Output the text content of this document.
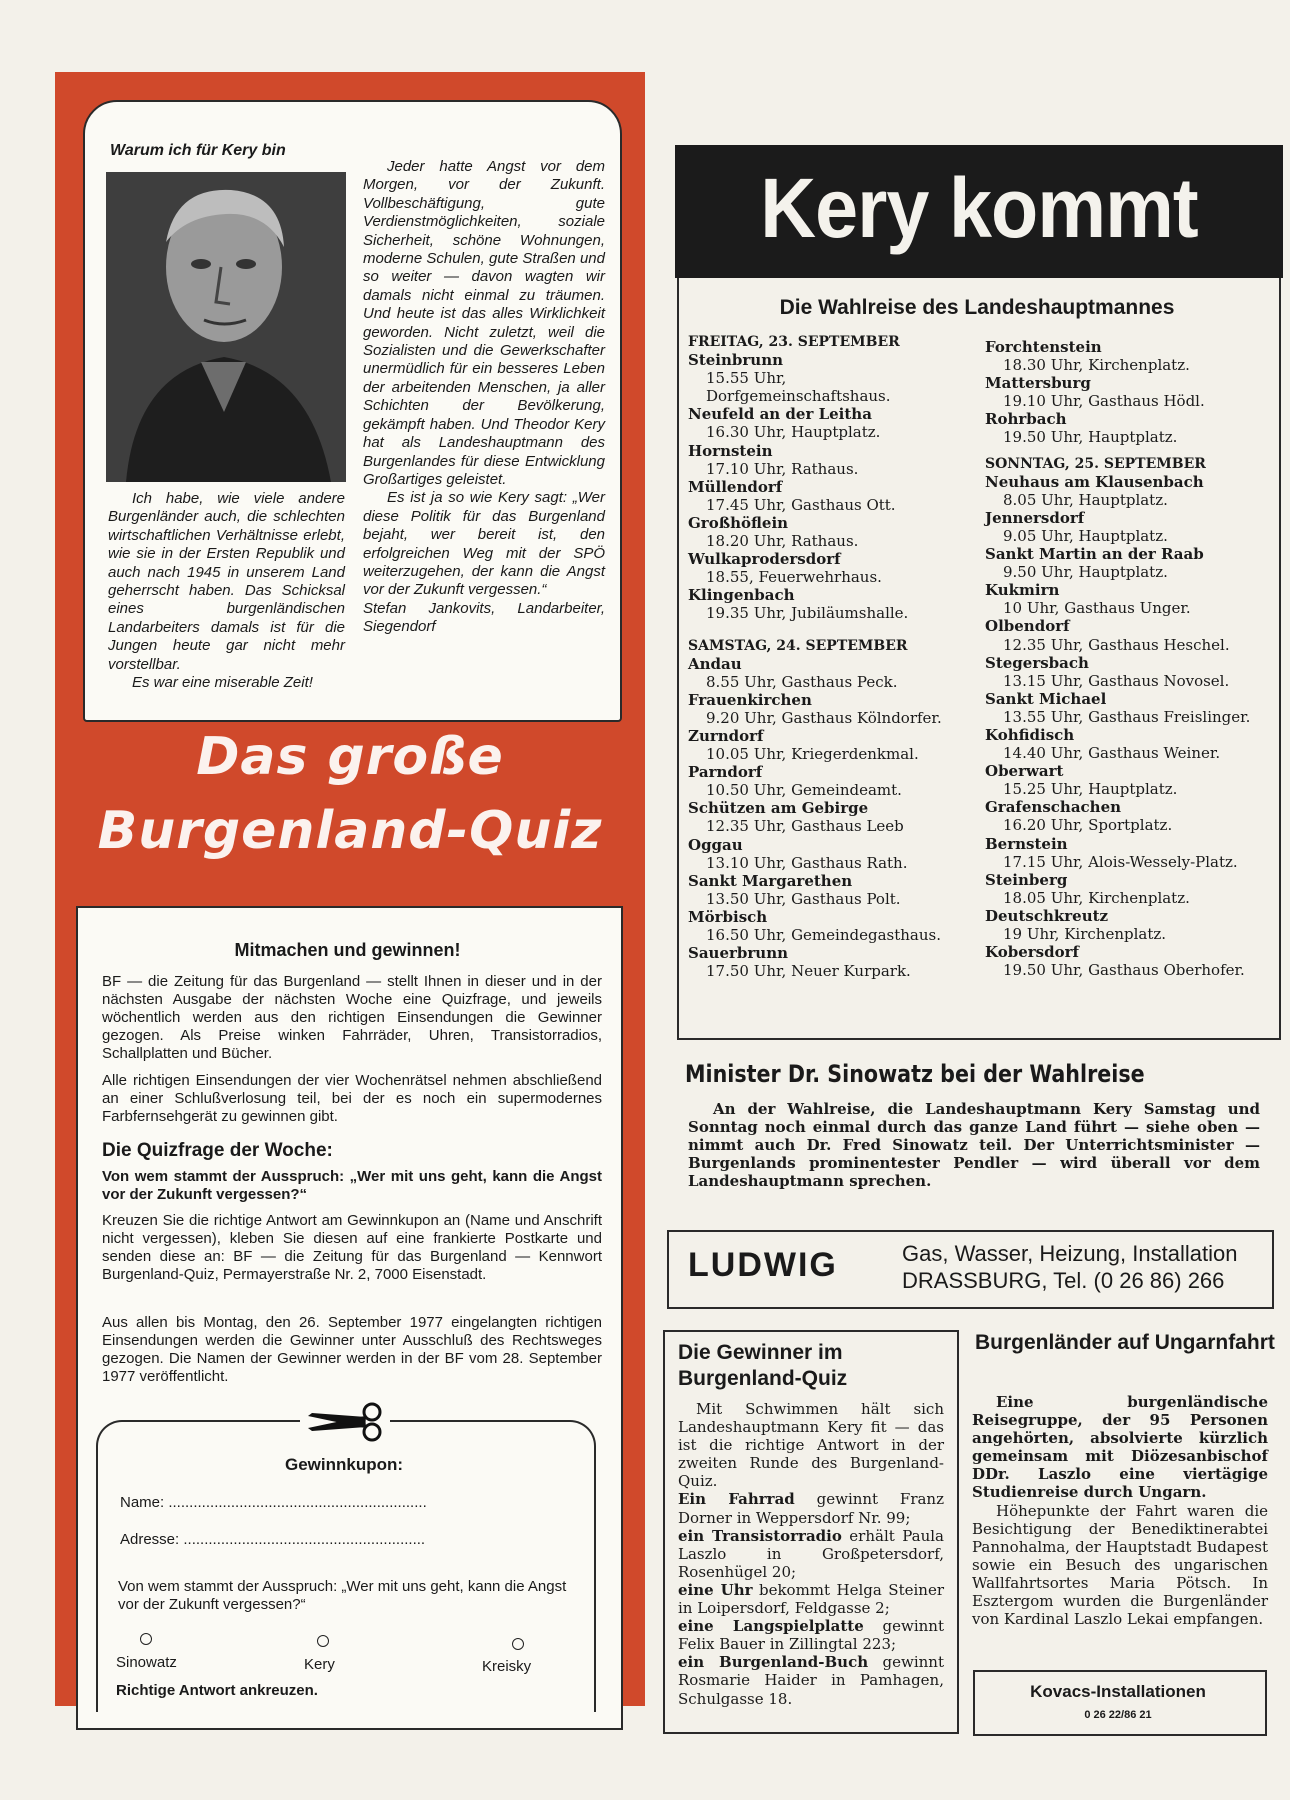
Warum ich für Kery bin
Ich habe, wie viele andere Burgenländer auch, die schlechten wirtschaftlichen Verhältnisse erlebt, wie sie in der Ersten Republik und auch nach 1945 in unserem Land geherrscht haben. Das Schicksal eines burgenländischen Landarbeiters damals ist für die Jungen heute gar nicht mehr vorstellbar.
Es war eine miserable Zeit!
Jeder hatte Angst vor dem Morgen, vor der Zukunft. Vollbeschäftigung, gute Verdienstmöglichkeiten, soziale Sicherheit, schöne Wohnungen, moderne Schulen, gute Straßen und so weiter — davon wagten wir damals nicht einmal zu träumen. Und heute ist das alles Wirklichkeit geworden. Nicht zuletzt, weil die Sozialisten und die Gewerkschafter unermüdlich für ein besseres Leben der arbeitenden Menschen, ja aller Schichten der Bevölkerung, gekämpft haben. Und Theodor Kery hat als Landeshauptmann des Burgenlandes für diese Entwicklung Großartiges geleistet.
Es ist ja so wie Kery sagt: „Wer diese Politik für das Burgenland bejaht, wer bereit ist, den erfolgreichen Weg mit der SPÖ weiterzugehen, der kann die Angst vor der Zukunft vergessen.“
Stefan Jankovits, Landarbeiter, Siegendorf
Das große
Burgenland-Quiz
Mitmachen und gewinnen!
BF — die Zeitung für das Burgenland — stellt Ihnen in dieser und in der nächsten Ausgabe der nächsten Woche eine Quizfrage, und jeweils wöchentlich werden aus den richtigen Einsendungen die Gewinner gezogen. Als Preise winken Fahrräder, Uhren, Transistorradios, Schallplatten und Bücher.
Alle richtigen Einsendungen der vier Wochenrätsel nehmen abschließend an einer Schlußverlosung teil, bei der es noch ein supermodernes Farbfernsehgerät zu gewinnen gibt.
Die Quizfrage der Woche:
Von wem stammt der Ausspruch: „Wer mit uns geht, kann die Angst vor der Zukunft vergessen?“
Kreuzen Sie die richtige Antwort am Gewinnkupon an (Name und Anschrift nicht vergessen), kleben Sie diesen auf eine frankierte Postkarte und senden diese an: BF — die Zeitung für das Burgenland — Kennwort Burgenland-Quiz, Permayerstraße Nr. 2, 7000 Eisenstadt.
Aus allen bis Montag, den 26. September 1977 eingelangten richtigen Einsendungen werden die Gewinner unter Ausschluß des Rechtsweges gezogen. Die Namen der Gewinner werden in der BF vom 28. September 1977 veröffentlicht.
Gewinnkupon:
Name: ..............................................................
Adresse: ..........................................................
Von wem stammt der Ausspruch: „Wer mit uns geht, kann die Angst vor der Zukunft vergessen?“
Sinowatz	Kery	Kreisky
Richtige Antwort ankreuzen.
Kery kommt
Die Wahlreise des Landeshauptmannes
FREITAG, 23. SEPTEMBER
Steinbrunn
15.55 Uhr, Dorfgemeinschaftshaus.
Neufeld an der Leitha
16.30 Uhr, Hauptplatz.
Hornstein
17.10 Uhr, Rathaus.
Müllendorf
17.45 Uhr, Gasthaus Ott.
Großhöflein
18.20 Uhr, Rathaus.
Wulkaprodersdorf
18.55, Feuerwehrhaus.
Klingenbach
19.35 Uhr, Jubiläumshalle.
SAMSTAG, 24. SEPTEMBER
Andau
8.55 Uhr, Gasthaus Peck.
Frauenkirchen
9.20 Uhr, Gasthaus Kölndorfer.
Zurndorf
10.05 Uhr, Kriegerdenkmal.
Parndorf
10.50 Uhr, Gemeindeamt.
Schützen am Gebirge
12.35 Uhr, Gasthaus Leeb
Oggau
13.10 Uhr, Gasthaus Rath.
Sankt Margarethen
13.50 Uhr, Gasthaus Polt.
Mörbisch
16.50 Uhr, Gemeindegasthaus.
Sauerbrunn
17.50 Uhr, Neuer Kurpark.
Forchtenstein
18.30 Uhr, Kirchenplatz.
Mattersburg
19.10 Uhr, Gasthaus Hödl.
Rohrbach
19.50 Uhr, Hauptplatz.
SONNTAG, 25. SEPTEMBER
Neuhaus am Klausenbach
8.05 Uhr, Hauptplatz.
Jennersdorf
9.05 Uhr, Hauptplatz.
Sankt Martin an der Raab
9.50 Uhr, Hauptplatz.
Kukmirn
10 Uhr, Gasthaus Unger.
Olbendorf
12.35 Uhr, Gasthaus Heschel.
Stegersbach
13.15 Uhr, Gasthaus Novosel.
Sankt Michael
13.55 Uhr, Gasthaus Freislinger.
Kohfidisch
14.40 Uhr, Gasthaus Weiner.
Oberwart
15.25 Uhr, Hauptplatz.
Grafenschachen
16.20 Uhr, Sportplatz.
Bernstein
17.15 Uhr, Alois-Wessely-Platz.
Steinberg
18.05 Uhr, Kirchenplatz.
Deutschkreutz
19 Uhr, Kirchenplatz.
Kobersdorf
19.50 Uhr, Gasthaus Oberhofer.
Minister Dr. Sinowatz bei der Wahlreise
An der Wahlreise, die Landeshauptmann Kery Samstag und Sonntag noch einmal durch das ganze Land führt — siehe oben — nimmt auch Dr. Fred Sinowatz teil. Der Unterrichtsminister — Burgenlands prominentester Pendler — wird überall vor dem Landeshauptmann sprechen.
LUDWIG	Gas, Wasser, Heizung, Installation
DRASSBURG, Tel. (0 26 86) 266
Die Gewinner im Burgenland-Quiz
Mit Schwimmen hält sich Landeshauptmann Kery fit — das ist die richtige Antwort in der zweiten Runde des Burgenland-Quiz.
Ein Fahrrad gewinnt Franz Dorner in Weppersdorf Nr. 99;
ein Transistorradio erhält Paula Laszlo in Großpetersdorf, Rosenhügel 20;
eine Uhr bekommt Helga Steiner in Loipersdorf, Feldgasse 2;
eine Langspielplatte gewinnt Felix Bauer in Zillingtal 223;
ein Burgenland-Buch gewinnt Rosmarie Haider in Pamhagen, Schulgasse 18.
Burgenländer auf Ungarnfahrt
Eine burgenländische Reisegruppe, der 95 Personen angehörten, absolvierte kürzlich gemeinsam mit Diözesanbischof DDr. Laszlo eine viertägige Studienreise durch Ungarn.
Höhepunkte der Fahrt waren die Besichtigung der Benediktinerabtei Pannohalma, der Hauptstadt Budapest sowie ein Besuch des ungarischen Wallfahrtsortes Maria Pötsch. In Esztergom wurden die Burgenländer von Kardinal Laszlo Lekai empfangen.
Kovacs-Installationen
0 26 22/86 21
